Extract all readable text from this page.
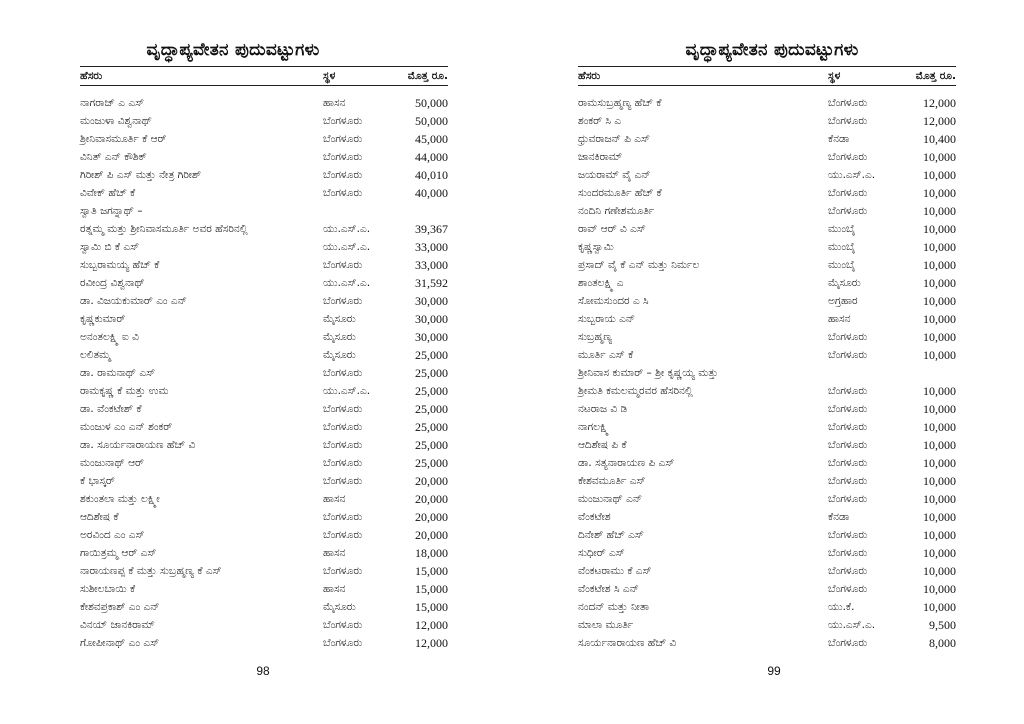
ವೃದ್ಧಾಪ್ಯವೇತನ ಪುದುವಟ್ಟುಗಳು
ಹೆಸರು	ಸ್ಥಳ	ಮೊತ್ತ ರೂ.
ನಾಗರಾಜ್ ಎ ಎಸ್	ಹಾಸನ	50,000
ಮಂಜುಳಾ ವಿಶ್ವನಾಥ್	ಬೆಂಗಳೂರು	50,000
ಶ್ರೀನಿವಾಸಮೂರ್ತಿ ಕೆ ಆರ್	ಬೆಂಗಳೂರು	45,000
ವಿನಿತ್ ಎನ್ ಕೌಶಿಕ್	ಬೆಂಗಳೂರು	44,000
ಗಿರೀಶ್ ಪಿ ಎಸ್ ಮತ್ತು ನೇತ್ರ ಗಿರೀಶ್	ಬೆಂಗಳೂರು	40,010
ವಿವೇಕ್ ಹೆಚ್ ಕೆ	ಬೆಂಗಳೂರು	40,000
ಸ್ವಾತಿ ಜಗನ್ನಾಥ್ –
ರತ್ನಮ್ಮ ಮತ್ತು ಶ್ರೀನಿವಾಸಮೂರ್ತಿ ಅವರ ಹೆಸರಿನಲ್ಲಿ	ಯು.ಎಸ್.ಎ.	39,367
ಸ್ವಾಮಿ ಬಿ ಕೆ ಎಸ್	ಯು.ಎಸ್.ಎ.	33,000
ಸುಬ್ಬರಾಮಯ್ಯ ಹೆಚ್ ಕೆ	ಬೆಂಗಳೂರು	33,000
ರವೀಂದ್ರ ವಿಶ್ವನಾಥ್	ಯು.ಎಸ್.ಎ.	31,592
ಡಾ. ವಿಜಯಕುಮಾರ್ ಎಂ ಎನ್	ಬೆಂಗಳೂರು	30,000
ಕೃಷ್ಣಕುಮಾರ್	ಮೈಸೂರು	30,000
ಅನಂತಲಕ್ಷ್ಮಿ ಐ ವಿ	ಮೈಸೂರು	30,000
ಲಲಿತಮ್ಮ	ಮೈಸೂರು	25,000
ಡಾ. ರಾಮನಾಥ್ ಎಸ್	ಬೆಂಗಳೂರು	25,000
ರಾಮಕೃಷ್ಣ ಕೆ ಮತ್ತು ಉಮ	ಯು.ಎಸ್.ಎ.	25,000
ಡಾ. ವೆಂಕಟೇಶ್ ಕೆ	ಬೆಂಗಳೂರು	25,000
ಮಂಜುಳ ಎಂ ಎನ್ ಶಂಕರ್	ಬೆಂಗಳೂರು	25,000
ಡಾ. ಸೂರ್ಯನಾರಾಯಣ ಹೆಚ್ ವಿ	ಬೆಂಗಳೂರು	25,000
ಮಂಜುನಾಥ್ ಆರ್	ಬೆಂಗಳೂರು	25,000
ಕೆ ಭಾಸ್ಕರ್	ಬೆಂಗಳೂರು	20,000
ಶಕುಂತಲಾ ಮತ್ತು ಲಕ್ಷ್ಮೀ	ಹಾಸನ	20,000
ಆದಿಶೇಷ ಕೆ	ಬೆಂಗಳೂರು	20,000
ಅರವಿಂದ ಎಂ ಎಸ್	ಬೆಂಗಳೂರು	20,000
ಗಾಯಿತ್ರಮ್ಮ ಆರ್ ಎಸ್	ಹಾಸನ	18,000
ನಾರಾಯಣಪ್ಪ ಕೆ ಮತ್ತು ಸುಬ್ರಹ್ಮಣ್ಯ ಕೆ ಎಸ್	ಬೆಂಗಳೂರು	15,000
ಸುಶೀಲಬಾಯಿ ಕೆ	ಹಾಸನ	15,000
ಕೇಶವಪ್ರಕಾಶ್ ಎಂ ಎನ್	ಮೈಸೂರು	15,000
ವಿನಯ್ ಜಾನಕಿರಾಮ್	ಬೆಂಗಳೂರು	12,000
ಗೋಪೀನಾಥ್ ಎಂ ಎಸ್	ಬೆಂಗಳೂರು	12,000
98
ವೃದ್ಧಾಪ್ಯವೇತನ ಪುದುವಟ್ಟುಗಳು
ಹೆಸರು	ಸ್ಥಳ	ಮೊತ್ತ ರೂ.
ರಾಮಸುಬ್ರಹ್ಮಣ್ಯ ಹೆಚ್ ಕೆ	ಬೆಂಗಳೂರು	12,000
ಶಂಕರ್ ಸಿ ಎ	ಬೆಂಗಳೂರು	12,000
ಧ್ರುವರಾಜನ್ ಪಿ ಎಸ್	ಕೆನಡಾ	10,400
ಜಾನಕಿರಾಮ್	ಬೆಂಗಳೂರು	10,000
ಜಯರಾಮ್ ವೈ ಎನ್	ಯು.ಎಸ್.ಎ.	10,000
ಸುಂದರಮೂರ್ತಿ ಹೆಚ್ ಕೆ	ಬೆಂಗಳೂರು	10,000
ನಂದಿನಿ ಗಣೇಶಮೂರ್ತಿ	ಬೆಂಗಳೂರು	10,000
ರಾವ್ ಆರ್ ವಿ ಎಸ್	ಮುಂಬೈ	10,000
ಕೃಷ್ಣಸ್ವಾಮಿ	ಮುಂಬೈ	10,000
ಪ್ರಸಾದ್ ವೈ ಕೆ ಎನ್ ಮತ್ತು ನಿರ್ಮಲ	ಮುಂಬೈ	10,000
ಶಾಂತಲಕ್ಷ್ಮಿ ಎ	ಮೈಸೂರು	10,000
ಸೋಮಸುಂದರ ಎ ಸಿ	ಅಗ್ರಹಾರ	10,000
ಸುಬ್ಬರಾಯ ಎನ್	ಹಾಸನ	10,000
ಸುಬ್ರಹ್ಮಣ್ಯ	ಬೆಂಗಳೂರು	10,000
ಮೂರ್ತಿ ಎಸ್ ಕೆ	ಬೆಂಗಳೂರು	10,000
ಶ್ರೀನಿವಾಸ ಕುಮಾರ್ – ಶ್ರೀ ಕೃಷ್ಣಯ್ಯ ಮತ್ತು
ಶ್ರೀಮತಿ ಕಮಲಮ್ಮರವರ ಹೆಸರಿನಲ್ಲಿ	ಬೆಂಗಳೂರು	10,000
ನಟರಾಜ ವಿ ಡಿ	ಬೆಂಗಳೂರು	10,000
ನಾಗಲಕ್ಷ್ಮಿ	ಬೆಂಗಳೂರು	10,000
ಆದಿಶೇಷ ಪಿ ಕೆ	ಬೆಂಗಳೂರು	10,000
ಡಾ. ಸತ್ಯನಾರಾಯಣ ಪಿ ಎಸ್	ಬೆಂಗಳೂರು	10,000
ಕೇಶವಮೂರ್ತಿ ಎಸ್	ಬೆಂಗಳೂರು	10,000
ಮಂಜುನಾಥ್ ಎನ್	ಬೆಂಗಳೂರು	10,000
ವೆಂಕಟೇಶ	ಕೆನಡಾ	10,000
ದಿನೇಶ್ ಹೆಚ್ ಎಸ್	ಬೆಂಗಳೂರು	10,000
ಸುಧೀರ್ ಎಸ್	ಬೆಂಗಳೂರು	10,000
ವೆಂಕಟರಾಮು ಕೆ ಎಸ್	ಬೆಂಗಳೂರು	10,000
ವೆಂಕಟೇಶ ಸಿ ಎನ್	ಬೆಂಗಳೂರು	10,000
ನಂದನ್ ಮತ್ತು ನೀತಾ	ಯು.ಕೆ.	10,000
ಮಾಲಾ ಮೂರ್ತಿ	ಯು.ಎಸ್.ಎ.	9,500
ಸೂರ್ಯನಾರಾಯಣ ಹೆಚ್ ವಿ	ಬೆಂಗಳೂರು	8,000
99
